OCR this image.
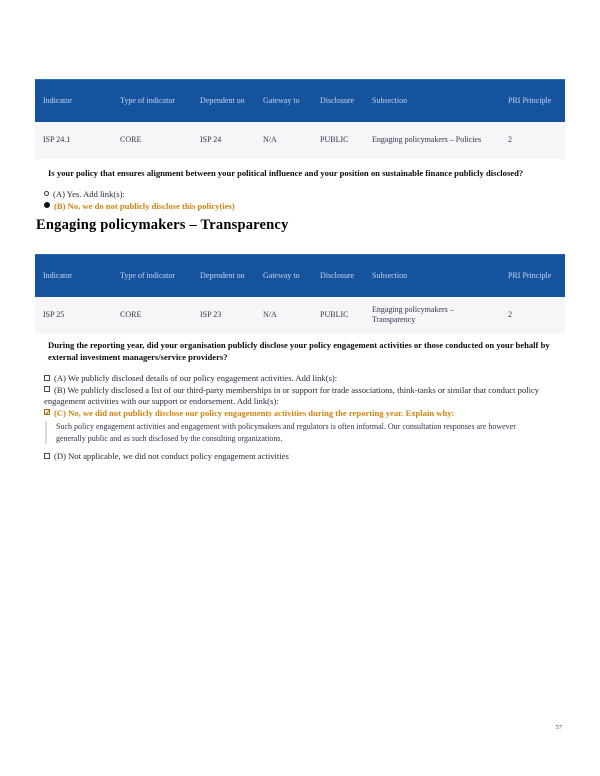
Indicator	Type of indicator	Dependent on	Gateway to	Disclosure	Subsection	PRI Principle
ISP 24.1	CORE	ISP 24	N/A	PUBLIC	Engaging policymakers – Policies	2
Is your policy that ensures alignment between your political influence and your position on sustainable finance publicly disclosed?
(A) Yes. Add link(s):
(B) No, we do not publicly disclose this policy(ies)
Engaging policymakers – Transparency
Indicator	Type of indicator	Dependent on	Gateway to	Disclosure	Subsection	PRI Principle
ISP 25	CORE	ISP 23	N/A	PUBLIC	Engaging policymakers – Transparency	2
During the reporting year, did your organisation publicly disclose your policy engagement activities or those conducted on your behalf by external investment managers/service providers?
(A) We publicly disclosed details of our policy engagement activities. Add link(s):
(B) We publicly disclosed a list of our third-party memberships in or support for trade associations, think-tanks or similar that conduct policy engagement activities with our support or endorsement. Add link(s):
✓(C) No, we did not publicly disclose our policy engagements activities during the reporting year. Explain why:
Such policy engagement activities and engagement with policymakers and regulators is often informal. Our consultation responses are however generally public and as such disclosed by the consulting organizations.
(D) Not applicable, we did not conduct policy engagement activities
57
